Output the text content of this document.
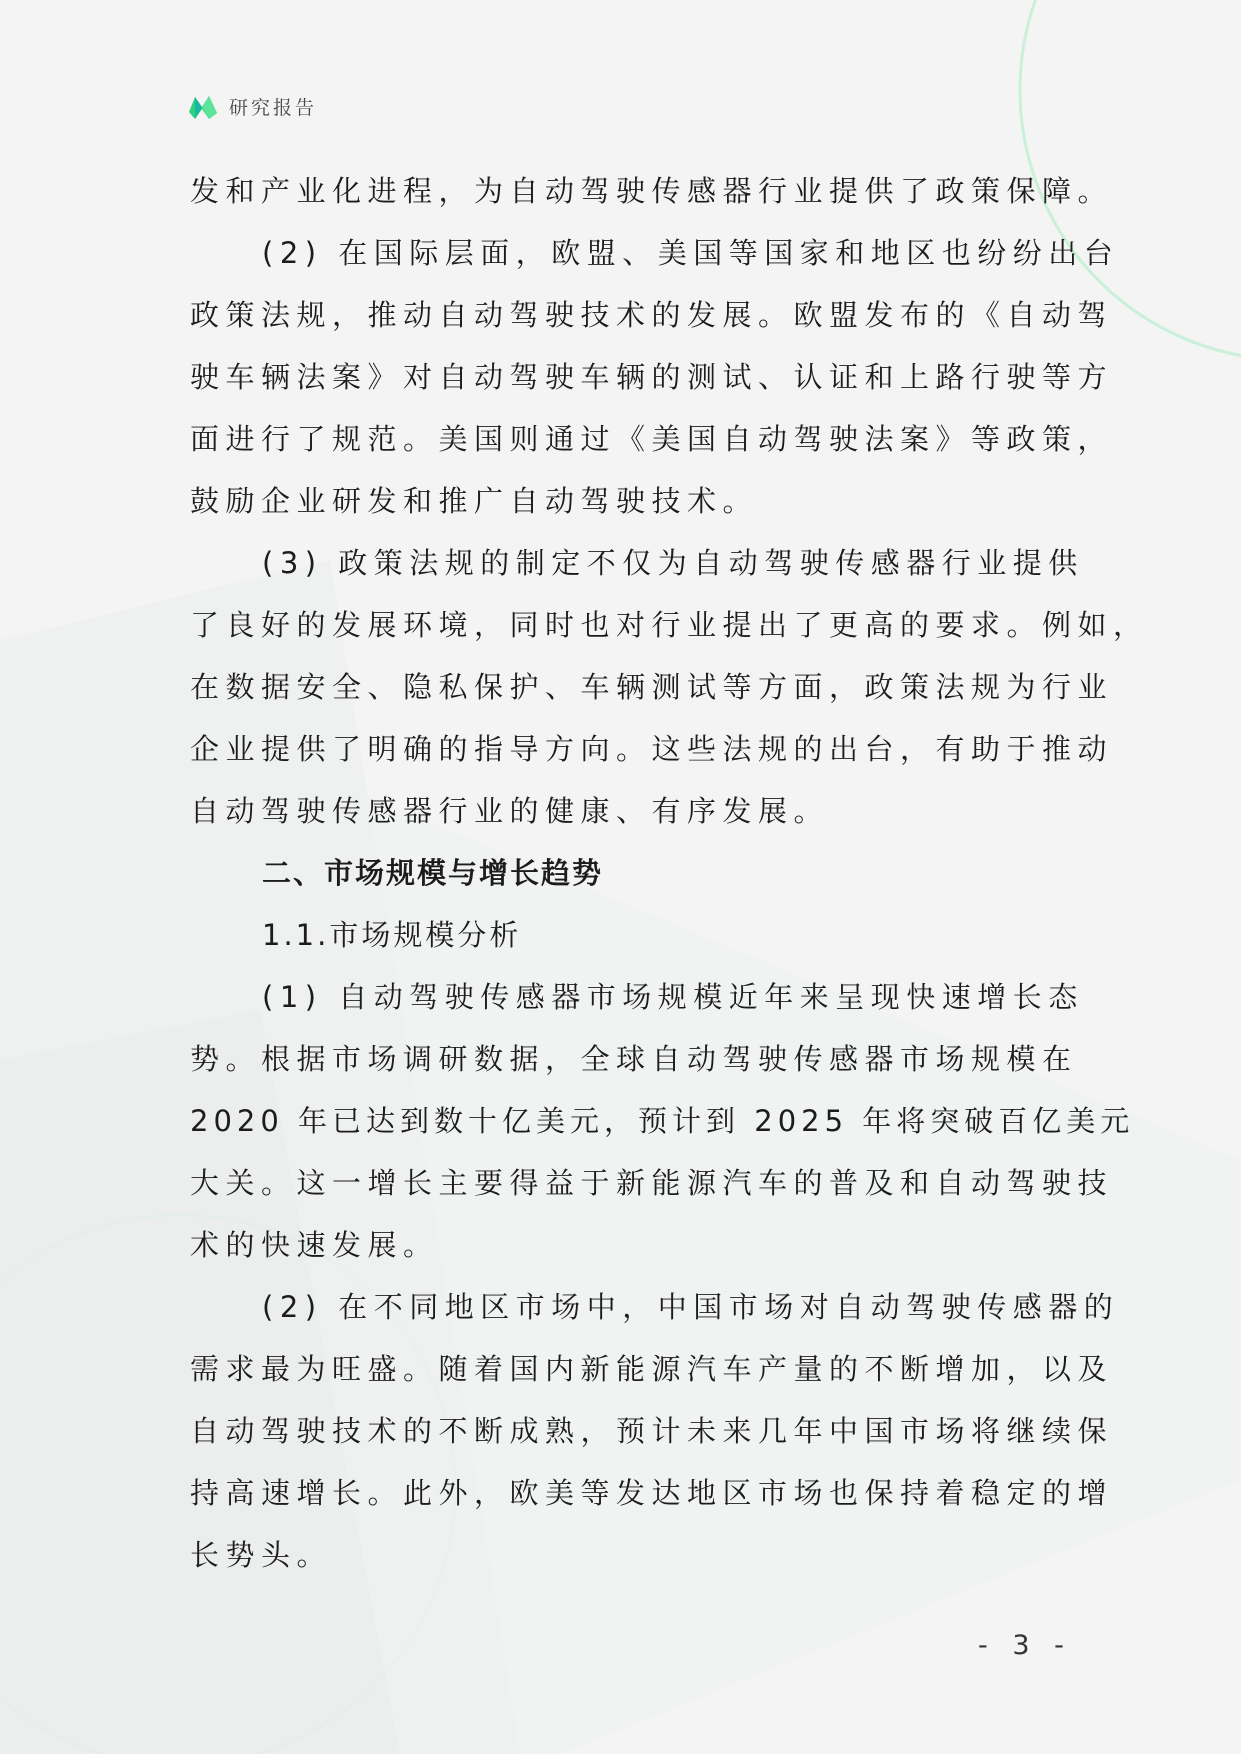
研究报告
发和产业化进程，为自动驾驶传感器行业提供了政策保障。
(2) 在国际层面，欧盟、美国等国家和地区也纷纷出台
政策法规，推动自动驾驶技术的发展。欧盟发布的《自动驾
驶车辆法案》对自动驾驶车辆的测试、认证和上路行驶等方
面进行了规范。美国则通过《美国自动驾驶法案》等政策，
鼓励企业研发和推广自动驾驶技术。
(3) 政策法规的制定不仅为自动驾驶传感器行业提供
了良好的发展环境，同时也对行业提出了更高的要求。例如，
在数据安全、隐私保护、车辆测试等方面，政策法规为行业
企业提供了明确的指导方向。这些法规的出台，有助于推动
自动驾驶传感器行业的健康、有序发展。
二、市场规模与增长趋势
1.1.市场规模分析
(1) 自动驾驶传感器市场规模近年来呈现快速增长态
势。根据市场调研数据，全球自动驾驶传感器市场规模在
2020 年已达到数十亿美元，预计到 2025 年将突破百亿美元
大关。这一增长主要得益于新能源汽车的普及和自动驾驶技
术的快速发展。
(2) 在不同地区市场中，中国市场对自动驾驶传感器的
需求最为旺盛。随着国内新能源汽车产量的不断增加，以及
自动驾驶技术的不断成熟，预计未来几年中国市场将继续保
持高速增长。此外，欧美等发达地区市场也保持着稳定的增
长势头。
- 3 -
